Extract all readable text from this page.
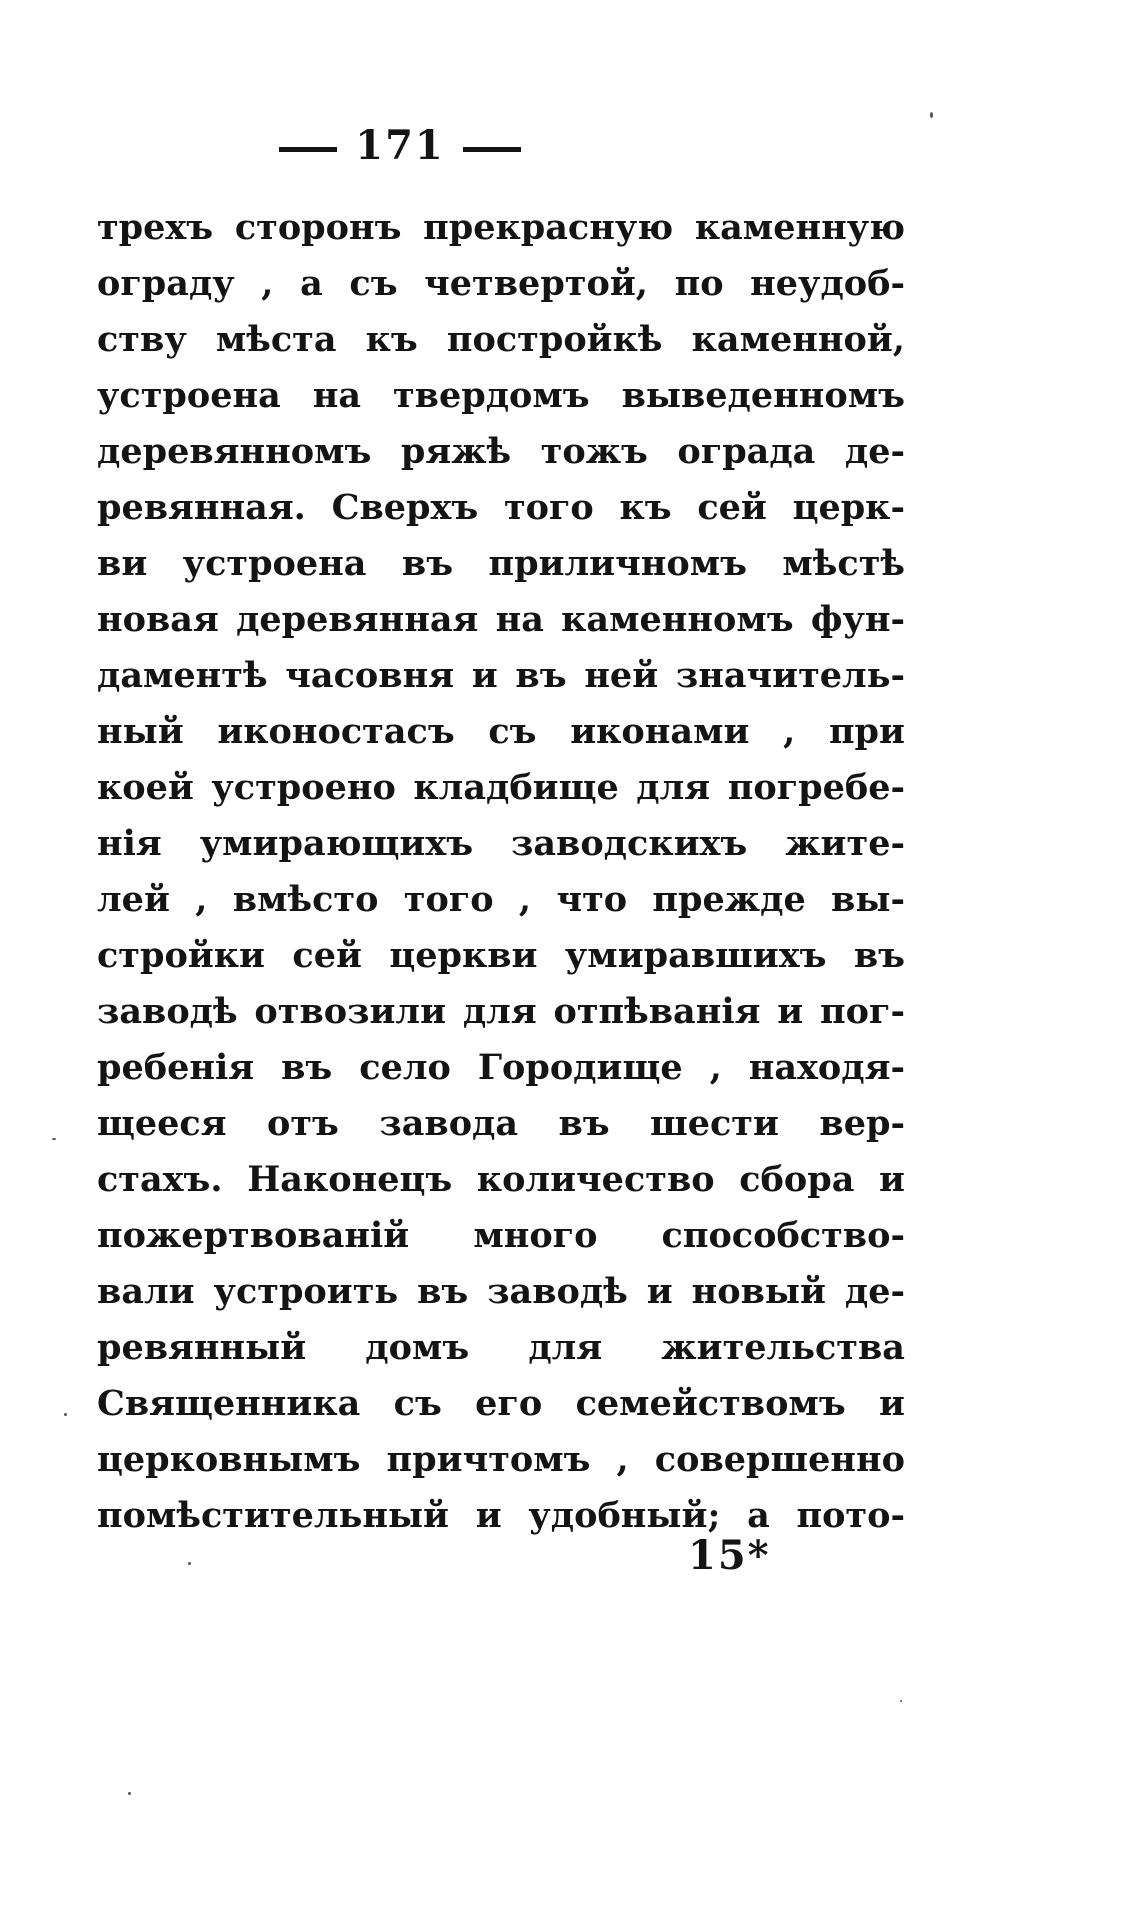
171
трехъ сторонъ прекрасную каменную
ограду , а съ четвертой, по неудоб-
ству мѣста къ постройкѣ каменной,
устроена на твердомъ выведенномъ
деревянномъ ряжѣ тожъ ограда де-
ревянная. Сверхъ того къ сей церк-
ви устроена въ приличномъ мѣстѣ
новая деревянная на каменномъ фун-
даментѣ часовня и въ ней значитель-
ный иконостасъ съ иконами , при
коей устроено кладбище для погребе-
нія умирающихъ заводскихъ жите-
лей , вмѣсто того , что прежде вы-
стройки сей церкви умиравшихъ въ
заводѣ отвозили для отпѣванія и пог-
ребенія въ село Городище , находя-
щееся отъ завода въ шести вер-
стахъ. Наконецъ количество сбора и
пожертвованій много способство-
вали устроить въ заводѣ и новый де-
ревянный домъ для жительства
Священника съ его семействомъ и
церковнымъ причтомъ , совершенно
помѣстительный и удобный; а пото-
15*
